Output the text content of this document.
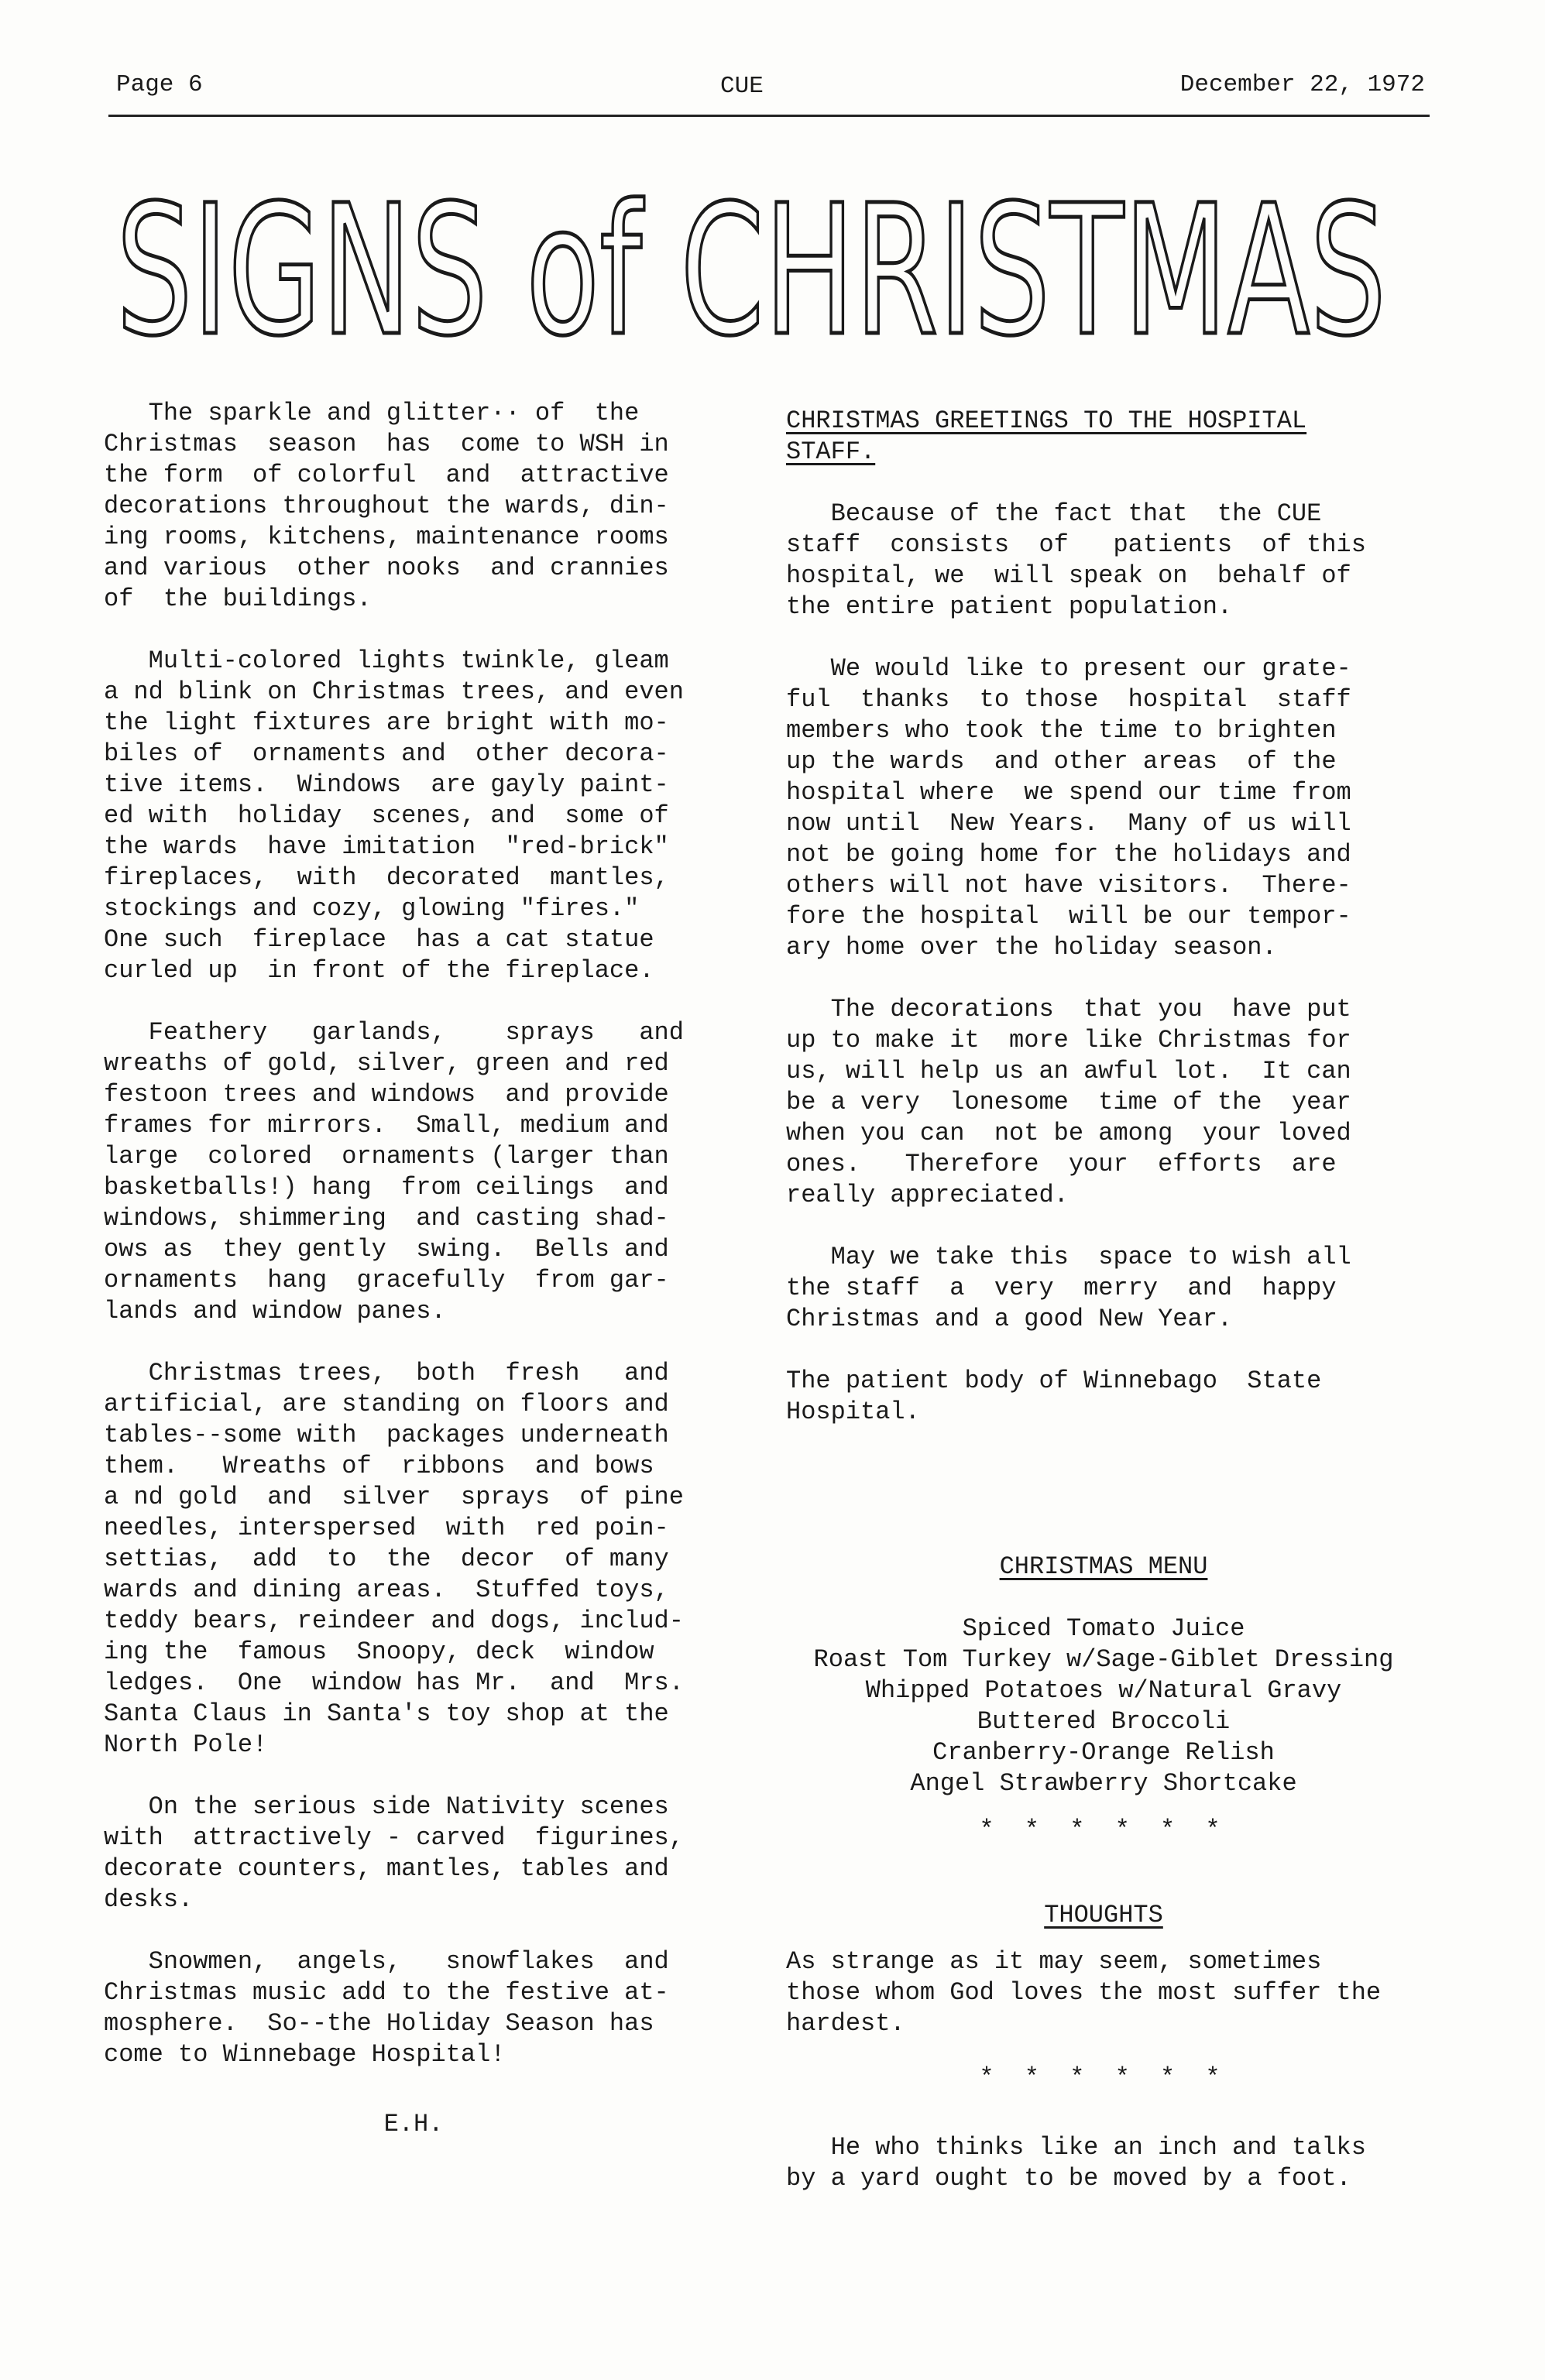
Page 6	CUE	December 22, 1972
SIGNS of CHRISTMAS
The sparkle and glitter·· of  the
Christmas  season  has  come to WSH in
the form  of colorful  and  attractive
decorations throughout the wards, din-
ing rooms, kitchens, maintenance rooms
and various  other nooks  and crannies
of  the buildings.
Multi-colored lights twinkle, gleam
a nd blink on Christmas trees, and even
the light fixtures are bright with mo-
biles of  ornaments and  other decora-
tive items.  Windows  are gayly paint-
ed with  holiday  scenes, and  some of
the wards  have imitation  "red-brick"
fireplaces,  with  decorated  mantles,
stockings and cozy, glowing "fires."
One such  fireplace  has a cat statue
curled up  in front of the fireplace.
Feathery   garlands,    sprays   and
wreaths of gold, silver, green and red
festoon trees and windows  and provide
frames for mirrors.  Small, medium and
large  colored  ornaments (larger than
basketballs!) hang  from ceilings  and
windows, shimmering  and casting shad-
ows as  they gently  swing.  Bells and
ornaments  hang  gracefully  from gar-
lands and window panes.
Christmas trees,  both  fresh   and
artificial, are standing on floors and
tables--some with  packages underneath
them.   Wreaths of  ribbons  and bows
a nd gold  and  silver  sprays  of pine
needles, interspersed  with  red poin-
settias,  add  to  the  decor  of many
wards and dining areas.  Stuffed toys,
teddy bears, reindeer and dogs, includ-
ing the  famous  Snoopy, deck  window
ledges.  One  window has Mr.  and  Mrs.
Santa Claus in Santa's toy shop at the
North Pole!
On the serious side Nativity scenes
with  attractively - carved  figurines,
decorate counters, mantles, tables and
desks.
Snowmen,  angels,   snowflakes  and
Christmas music add to the festive at-
mosphere.  So--the Holiday Season has
come to Winnebage Hospital!
E.H.
CHRISTMAS GREETINGS TO THE HOSPITAL
STAFF.
Because of the fact that  the CUE
staff  consists  of   patients  of this
hospital, we  will speak on  behalf of
the entire patient population.
We would like to present our grate-
ful  thanks  to those  hospital  staff
members who took the time to brighten
up the wards  and other areas  of the
hospital where  we spend our time from
now until  New Years.  Many of us will
not be going home for the holidays and
others will not have visitors.  There-
fore the hospital  will be our tempor-
ary home over the holiday season.
The decorations  that you  have put
up to make it  more like Christmas for
us, will help us an awful lot.  It can
be a very  lonesome  time of the  year
when you can  not be among  your loved
ones.   Therefore  your  efforts  are
really appreciated.
May we take this  space to wish all
the staff  a  very  merry  and  happy
Christmas and a good New Year.
The patient body of Winnebago  State
Hospital.
CHRISTMAS MENU
Spiced Tomato Juice
Roast Tom Turkey w/Sage-Giblet Dressing
Whipped Potatoes w/Natural Gravy
Buttered Broccoli
Cranberry-Orange Relish
Angel Strawberry Shortcake
* * * * * *
THOUGHTS
As strange as it may seem, sometimes
those whom God loves the most suffer the
hardest.
* * * * * *
He who thinks like an inch and talks
by a yard ought to be moved by a foot.
